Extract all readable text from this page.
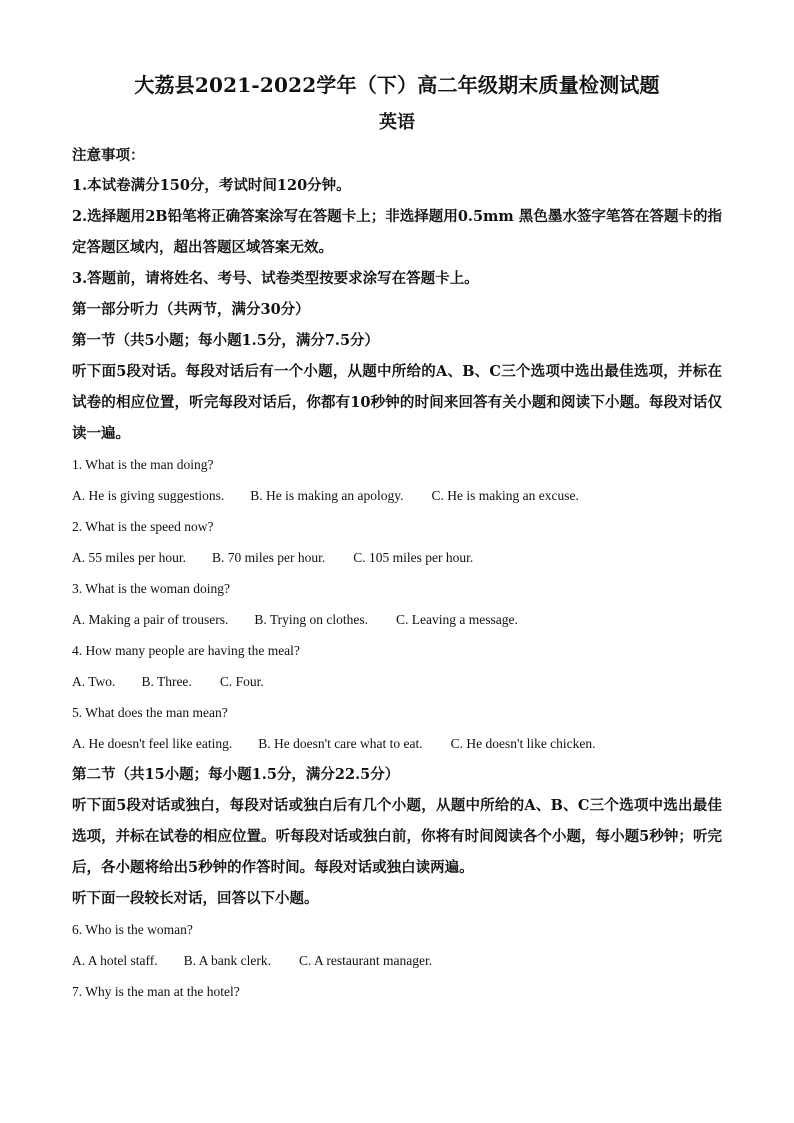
大荔县2021-2022学年（下）高二年级期末质量检测试题
英语

注意事项：

1.本试卷满分150分，考试时间120分钟。

2.选择题用2B铅笔将正确答案涂写在答题卡上；非选择题用0.5mm 黑色墨水签字笔答在答题卡的指定答题区域内，超出答题区域答案无效。

3.答题前，请将姓名、考号、试卷类型按要求涂写在答题卡上。

第一部分听力（共两节，满分30分）

第一节（共5小题；每小题1.5分，满分7.5分）

听下面5段对话。每段对话后有一个小题，从题中所给的A、B、C三个选项中选出最佳选项，并标在试卷的相应位置，听完每段对话后，你都有10秒钟的时间来回答有关小题和阅读下小题。每段对话仅读一遍。

1. What is the man doing?

A. He is giving suggestions. B. He is making an apology. C. He is making an excuse.

2. What is the speed now?

A. 55 miles per hour. B. 70 miles per hour. C. 105 miles per hour.

3. What is the woman doing?

A. Making a pair of trousers. B. Trying on clothes. C. Leaving a message.

4. How many people are having the meal?

A. Two. B. Three. C. Four.

5. What does the man mean?

A. He doesn't feel like eating. B. He doesn't care what to eat. C. He doesn't like chicken.

第二节（共15小题；每小题1.5分，满分22.5分）

听下面5段对话或独白，每段对话或独白后有几个小题，从题中所给的A、B、C三个选项中选出最佳选项，并标在试卷的相应位置。听每段对话或独白前，你将有时间阅读各个小题，每小题5秒钟；听完后，各小题将给出5秒钟的作答时间。每段对话或独白读两遍。

听下面一段较长对话，回答以下小题。

6. Who is the woman?

A. A hotel staff. B. A bank clerk. C. A restaurant manager.

7. Why is the man at the hotel?
